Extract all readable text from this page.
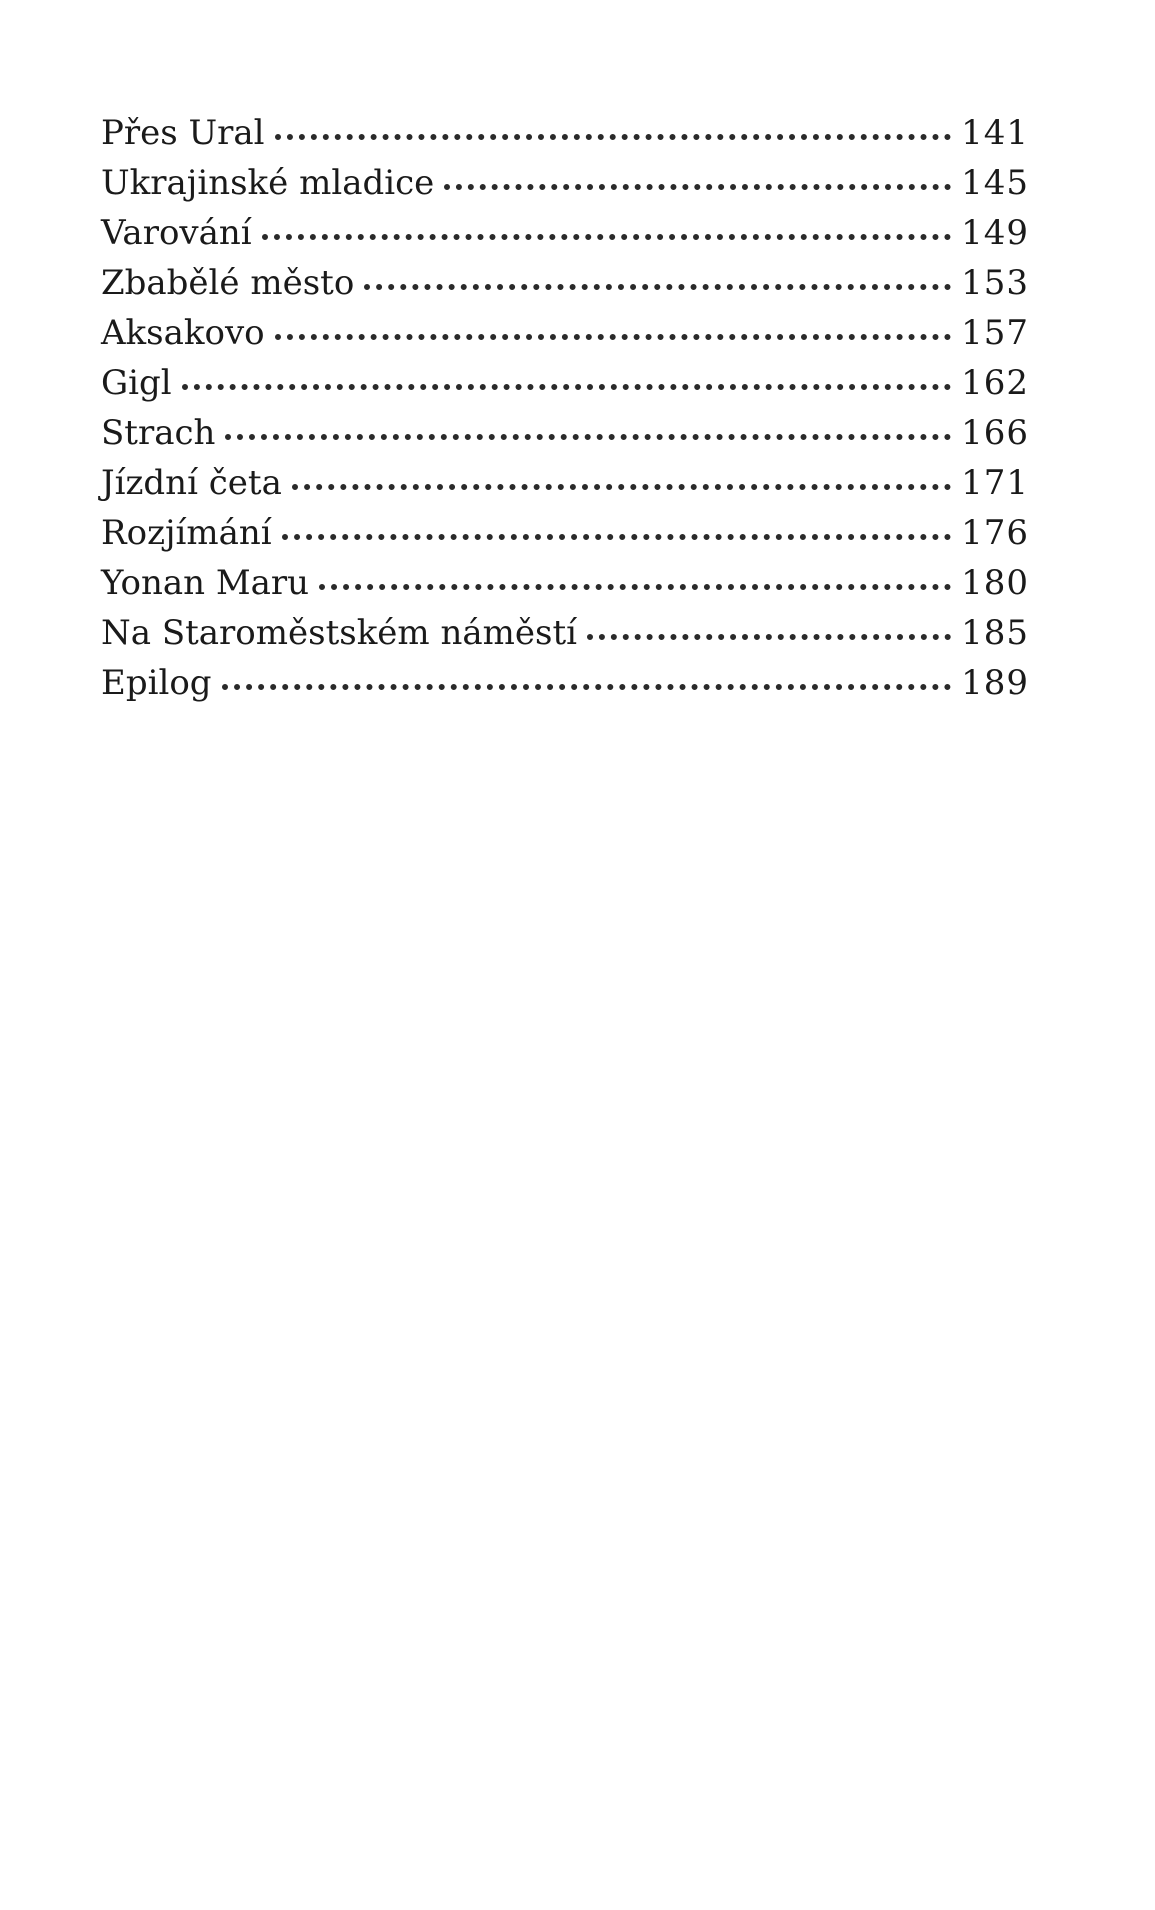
Přes Ural	141
Ukrajinské mladice	145
Varování	149
Zbabělé město	153
Aksakovo	157
Gigl	162
Strach	166
Jízdní četa	171
Rozjímání	176
Yonan Maru	180
Na Staroměstském náměstí	185
Epilog	189
